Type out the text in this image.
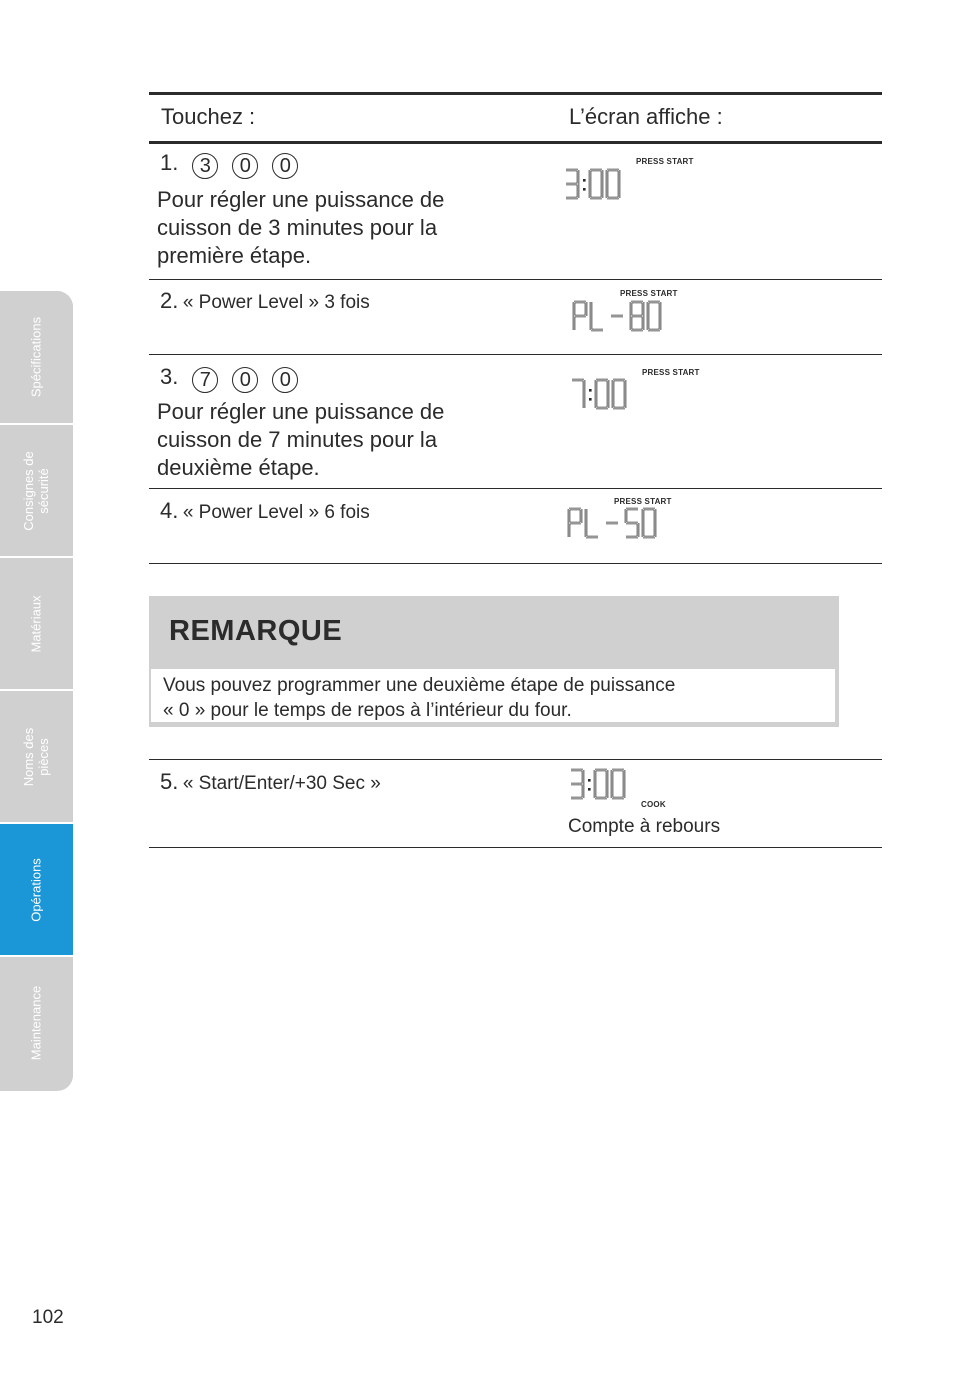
Touchez :	L’écran affiche :

1. 3 0 0

Pour régler une puissance de

cuisson de 3 minutes pour la

première étape.

PRESS START
2. « Power Level » 3 fois	PRESS START
3. 7 0 0

Pour régler une puissance de

cuisson de 7 minutes pour la

deuxième étape.

PRESS START
4. « Power Level » 6 fois
PRESS START
REMARQUE
Vous pouvez programmer une deuxième étape de puissance
« 0 » pour le temps de repos à l’intérieur du four.
5. « Start/Enter/+30 Sec »
COOK

Compte à rebours

Spécifications
Consignes de
sécurité
Matériaux
Noms des
pièces
Opérations
Maintenance
102
